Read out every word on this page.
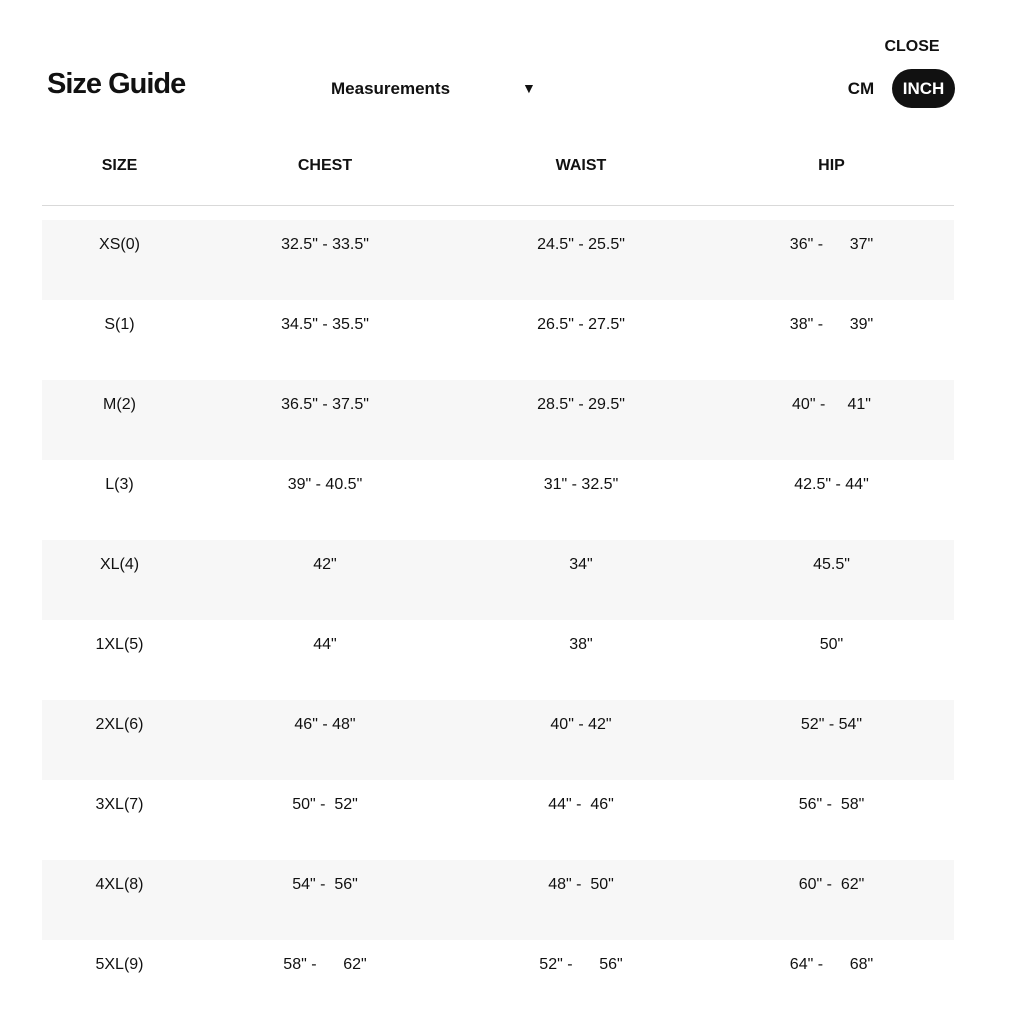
CLOSE
Size Guide	Measurements	▼	CM	INCH
SIZE	CHEST	WAIST	HIP
XS(0)	32.5" - 33.5"	24.5" - 25.5"	36" -      37"
S(1)	34.5" - 35.5"	26.5" - 27.5"	38" -      39"
M(2)	36.5" - 37.5"	28.5" - 29.5"	40" -     41"
L(3)	39" - 40.5"	31" - 32.5"	42.5" - 44"
XL(4)	42"	34"	45.5"
1XL(5)	44"	38"	50"
2XL(6)	46" - 48"	40" - 42"	52" - 54"
3XL(7)	50" -  52"	44" -  46"	56" -  58"
4XL(8)	54" -  56"	48" -  50"	60" -  62"
5XL(9)	58" -      62"	52" -      56"	64" -      68"
